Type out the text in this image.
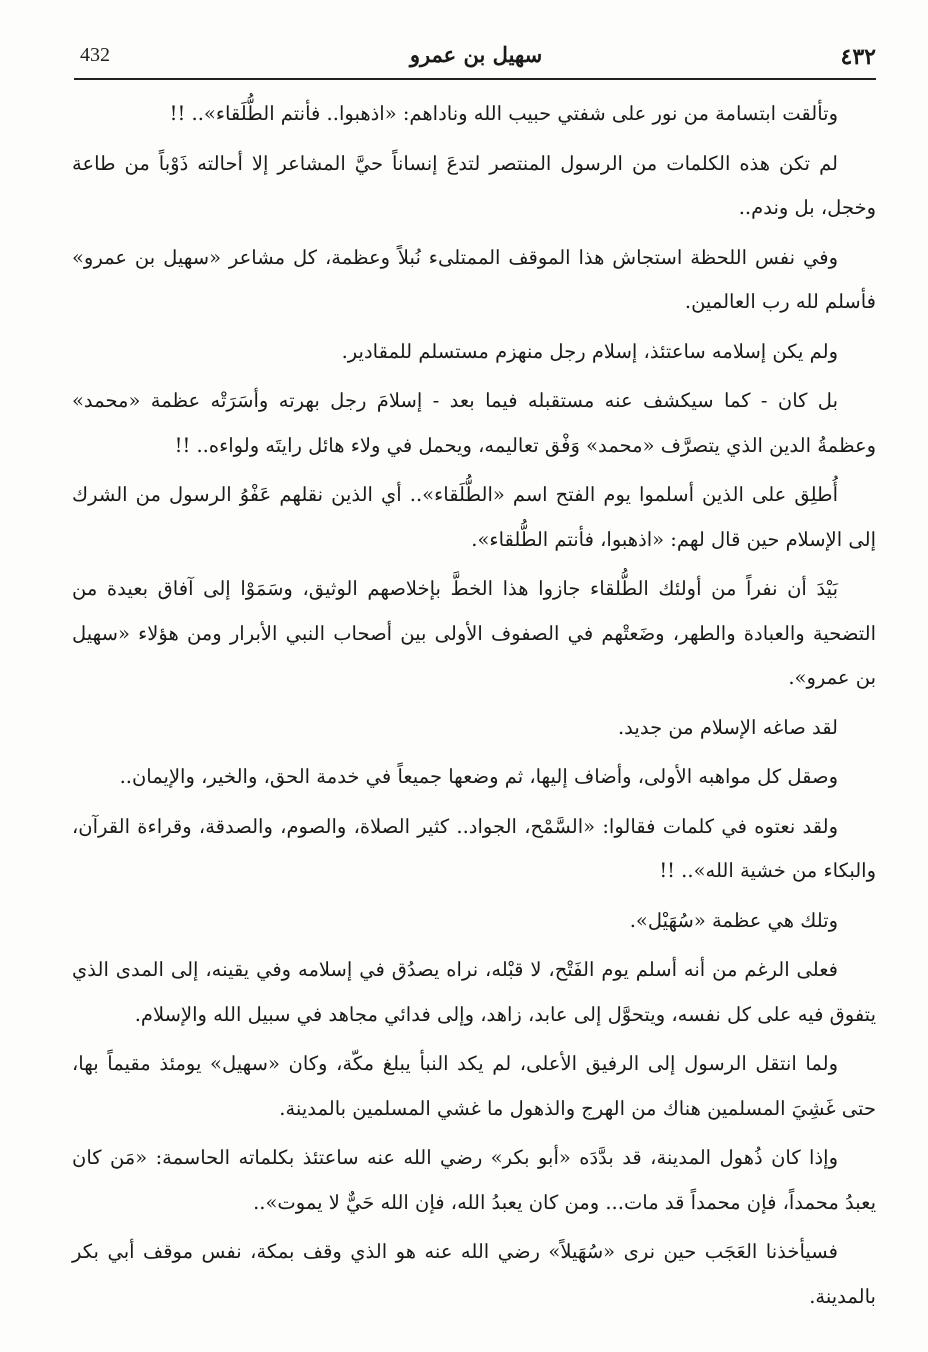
432	سهيل بن عمرو	٤٣٢

وتألقت ابتسامة من نور على شفتي حبيب الله وناداهم: «اذهبوا.. فأنتم الطُّلَقاء».. !!

لم تكن هذه الكلمات من الرسول المنتصر لتدعَ إنساناً حيَّ المشاعر إلا أحالته ذَوْباً من طاعة وخجل، بل وندم..

وفي نفس اللحظة استجاش هذا الموقف الممتلىء نُبلاً وعظمة، كل مشاعر «سهيل بن عمرو» فأسلم لله رب العالمين.

ولم يكن إسلامه ساعتئذ، إسلام رجل منهزم مستسلم للمقادير.

بل كان - كما سيكشف عنه مستقبله فيما بعد - إسلامَ رجل بهرته وأسَرَتْه عظمة «محمد» وعظمةُ الدين الذي يتصرَّف «محمد» وَفْق تعاليمه، ويحمل في ولاء هائل رايتَه ولواءه.. !!

أُطلِق على الذين أسلموا يوم الفتح اسم «الطُّلَقاء».. أي الذين نقلهم عَفْوُ الرسول من الشرك إلى الإسلام حين قال لهم: «اذهبوا، فأنتم الطُّلقاء».

بَيْدَ أن نفراً من أولئك الطُّلقاء جازوا هذا الخطَّ بإخلاصهم الوثيق، وسَمَوْا إلى آفاق بعيدة من التضحية والعبادة والطهر، وضَعتْهم في الصفوف الأولى بين أصحاب النبي الأبرار ومن هؤلاء «سهيل بن عمرو».

لقد صاغه الإسلام من جديد.

وصقل كل مواهبه الأولى، وأضاف إليها، ثم وضعها جميعاً في خدمة الحق، والخير، والإيمان..

ولقد نعتوه في كلمات فقالوا: «السَّمْح، الجواد.. كثير الصلاة، والصوم، والصدقة، وقراءة القرآن، والبكاء من خشية الله».. !!

وتلك هي عظمة «سُهَيْل».

فعلى الرغم من أنه أسلم يوم الفَتْح، لا قبْله، نراه يصدُق في إسلامه وفي يقينه، إلى المدى الذي يتفوق فيه على كل نفسه، ويتحوَّل إلى عابد، زاهد، وإلى فدائي مجاهد في سبيل الله والإسلام.

ولما انتقل الرسول إلى الرفيق الأعلى، لم يكد النبأ يبلغ مكّة، وكان «سهيل» يومئذ مقيماً بها، حتى غَشِيَ المسلمين هناك من الهرج والذهول ما غشي المسلمين بالمدينة.

وإذا كان ذُهول المدينة، قد بدَّدَه «أبو بكر» رضي الله عنه ساعتئذ بكلماته الحاسمة: «مَن كان يعبدُ محمداً، فإن محمداً قد مات... ومن كان يعبدُ الله، فإن الله حَيٌّ لا يموت»..

فسيأخذنا العَجَب حين نرى «سُهَيلاً» رضي الله عنه هو الذي وقف بمكة، نفس موقف أبي بكر بالمدينة.
